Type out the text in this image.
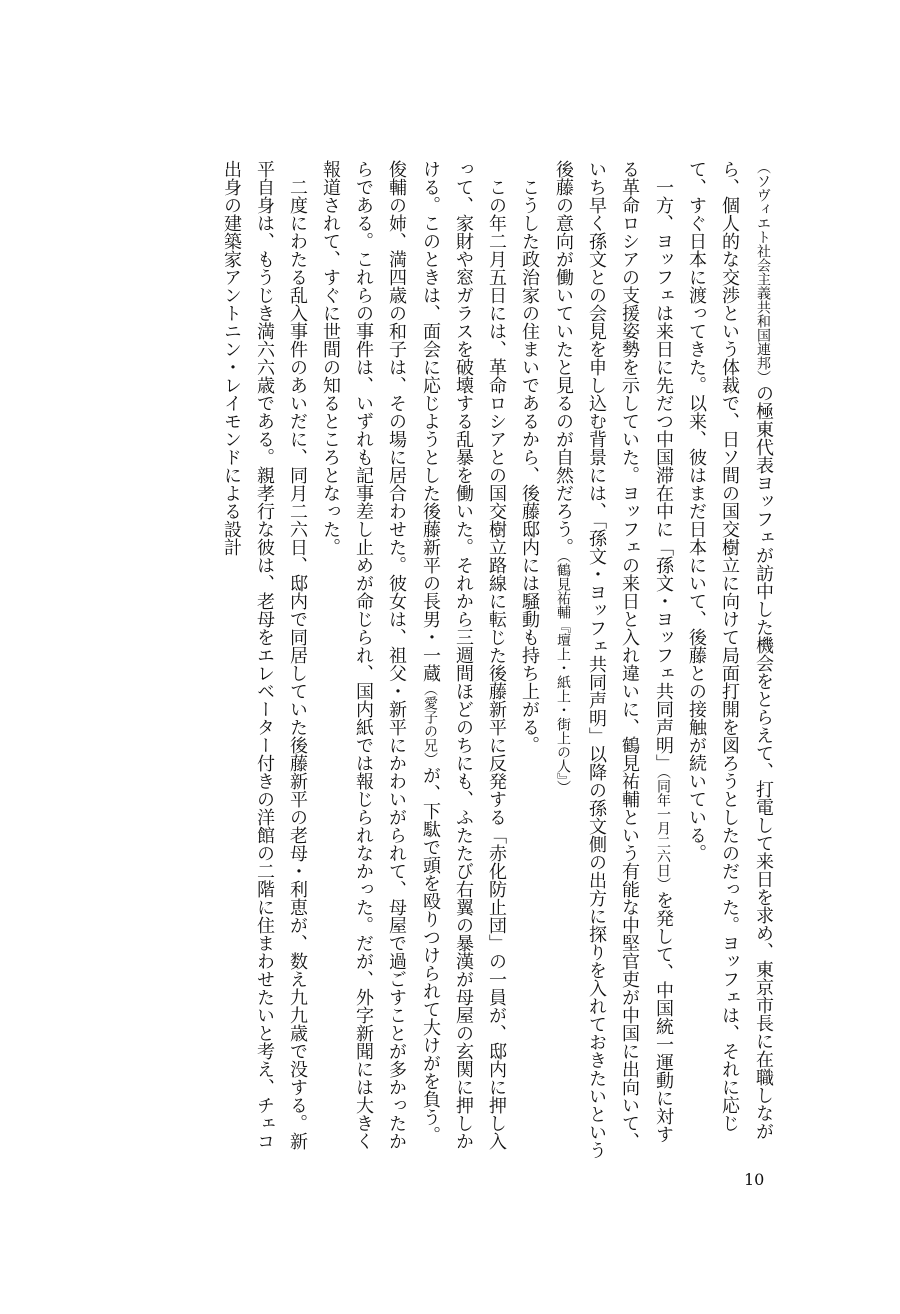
（ソヴィエト社会主義共和国連邦）の極東代表ヨッフェが訪中した機会をとらえて、打電して来日を求め、東京市長に在職しながら、個人的な交渉という体裁で、日ソ間の国交樹立に向けて局面打開を図ろうとしたのだった。ヨッフェは、それに応じて、すぐ日本に渡ってきた。以来、彼はまだ日本にいて、後藤との接触が続いている。

一方、ヨッフェは来日に先だつ中国滞在中に「孫文・ヨッフェ共同声明」（同年一月二六日）を発して、中国統一運動に対する革命ロシアの支援姿勢を示していた。ヨッフェの来日と入れ違いに、鶴見祐輔という有能な中堅官吏が中国に出向いて、いち早く孫文との会見を申し込む背景には、「孫文・ヨッフェ共同声明」以降の孫文側の出方に探りを入れておきたいという後藤の意向が働いていたと見るのが自然だろう。（鶴見祐輔『壇上・紙上・街上の人』）

こうした政治家の住まいであるから、後藤邸内には騒動も持ち上がる。

この年二月五日には、革命ロシアとの国交樹立路線に転じた後藤新平に反発する「赤化防止団」の一員が、邸内に押し入って、家財や窓ガラスを破壊する乱暴を働いた。それから三週間ほどのちにも、ふたたび右翼の暴漢が母屋の玄関に押しかける。このときは、面会に応じようとした後藤新平の長男・一蔵（愛子の兄）が、下駄で頭を殴りつけられて大けがを負う。俊輔の姉、満四歳の和子は、その場に居合わせた。彼女は、祖父・新平にかわいがられて、母屋で過ごすことが多かったからである。これらの事件は、いずれも記事差し止めが命じられ、国内紙では報じられなかった。だが、外字新聞には大きく報道されて、すぐに世間の知るところとなった。

二度にわたる乱入事件のあいだに、同月二六日、邸内で同居していた後藤新平の老母・利恵が、数え九九歳で没する。新平自身は、もうじき満六六歳である。親孝行な彼は、老母をエレベーター付きの洋館の二階に住まわせたいと考え、チェコ出身の建築家アントニン・レイモンドによる設計

10
